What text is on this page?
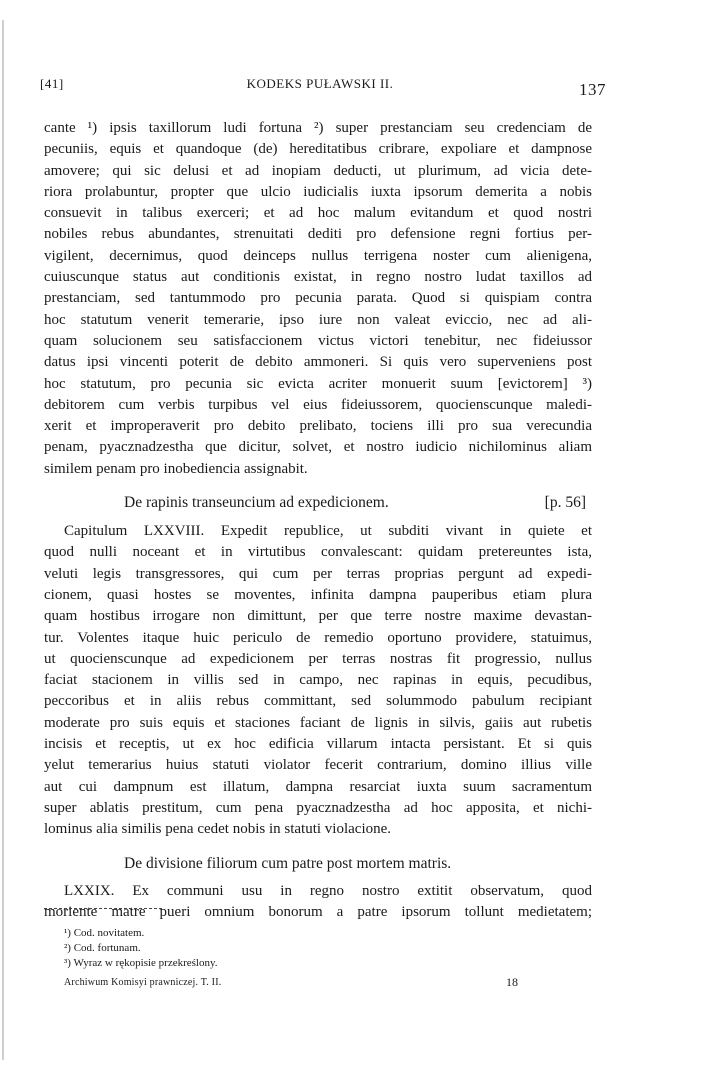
[41]	KODEKS PUŁAWSKI II.	137

cante ¹) ipsis taxillorum ludi fortuna ²) super prestanciam seu credenciam de
pecuniis, equis et quandoque (de) hereditatibus cribrare, expoliare et dampnose
amovere; qui sic delusi et ad inopiam deducti, ut plurimum, ad vicia dete-
riora prolabuntur, propter que ulcio iudicialis iuxta ipsorum demerita a nobis
consuevit in talibus exerceri; et ad hoc malum evitandum et quod nostri
nobiles rebus abundantes, strenuitati dediti pro defensione regni fortius per-
vigilent, decernimus, quod deinceps nullus terrigena noster cum alienigena,
cuiuscunque status aut conditionis existat, in regno nostro ludat taxillos ad
prestanciam, sed tantummodo pro pecunia parata. Quod si quispiam contra
hoc statutum venerit temerarie, ipso iure non valeat eviccio, nec ad ali-
quam solucionem seu satisfaccionem victus victori tenebitur, nec fideiussor
datus ipsi vincenti poterit de debito ammoneri. Si quis vero superveniens post
hoc statutum, pro pecunia sic evicta acriter monuerit suum [evictorem] ³)
debitorem cum verbis turpibus vel eius fideiussorem, quocienscunque maledi-
xerit et improperaverit pro debito prelibato, tociens illi pro sua verecundia
penam, pyacznadzestha que dicitur, solvet, et nostro iudicio nichilominus aliam
similem penam pro inobediencia assignabit.

De rapinis transeuncium ad expedicionem.	[p. 56]

Capitulum LXXVIII. Expedit republice, ut subditi vivant in quiete et
quod nulli noceant et in virtutibus convalescant: quidam pretereuntes ista,
veluti legis transgressores, qui cum per terras proprias pergunt ad expedi-
cionem, quasi hostes se moventes, infinita dampna pauperibus etiam plura
quam hostibus irrogare non dimittunt, per que terre nostre maxime devastan-
tur. Volentes itaque huic periculo de remedio oportuno providere, statuimus,
ut quocienscunque ad expedicionem per terras nostras fit progressio, nullus
faciat stacionem in villis sed in campo, nec rapinas in equis, pecudibus,
peccoribus et in aliis rebus committant, sed solummodo pabulum recipiant
moderate pro suis equis et staciones faciant de lignis in silvis, gaiis aut rubetis
incisis et receptis, ut ex hoc edificia villarum intacta persistant. Et si quis
yelut temerarius huius statuti violator fecerit contrarium, domino illius ville
aut cui dampnum est illatum, dampna resarciat iuxta suum sacramentum
super ablatis prestitum, cum pena pyacznadzestha ad hoc apposita, et nichi-
lominus alia similis pena cedet nobis in statuti violacione.

De divisione filiorum cum patre post mortem matris.

LXXIX. Ex communi usu in regno nostro extitit observatum, quod
moriente matre pueri omnium bonorum a patre ipsorum tollunt medietatem;

¹) Cod. novitatem.
²) Cod. fortunam.
³) Wyraz w rękopisie przekreślony.
Archiwum Komisyi prawniczej. T. II.	18
